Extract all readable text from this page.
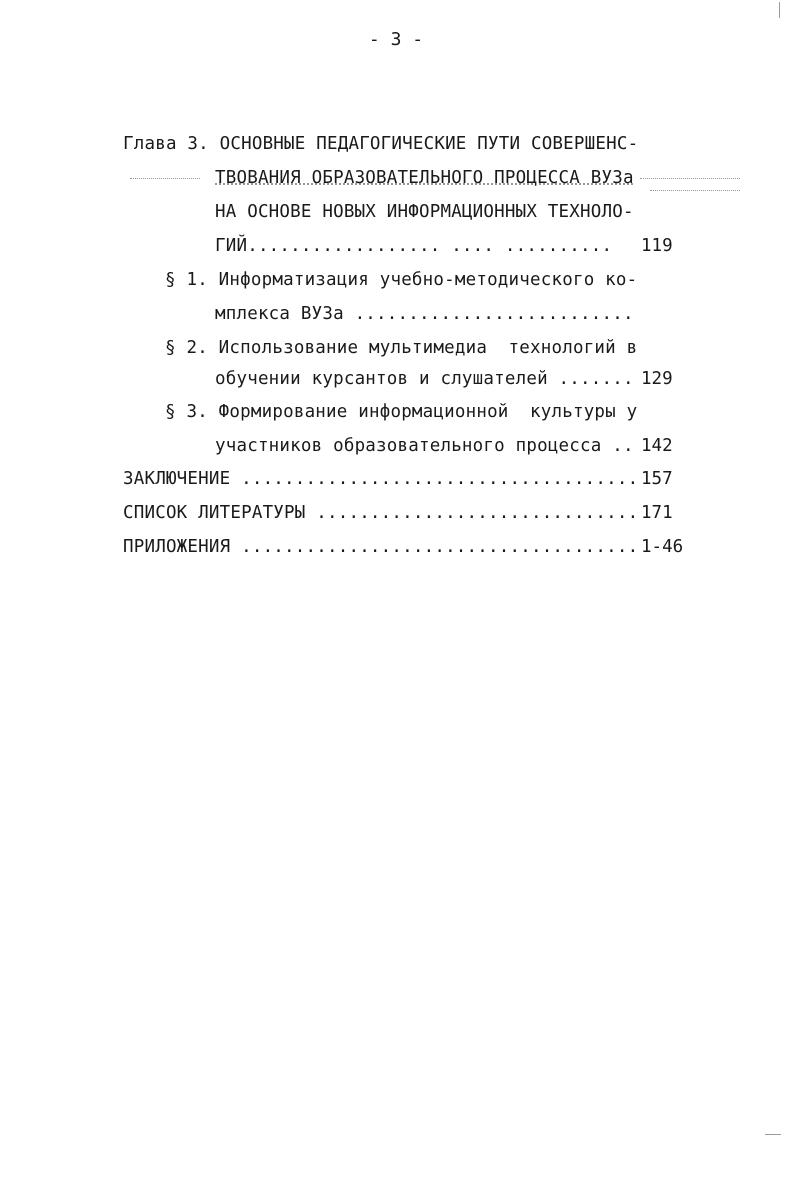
- 3 -
Глава 3. ОСНОВНЫЕ ПЕДАГОГИЧЕСКИЕ ПУТИ СОВЕРШЕНС-
ТВОВАНИЯ ОБРАЗОВАТЕЛЬНОГО ПРОЦЕССА ВУЗа
НА ОСНОВЕ НОВЫХ ИНФОРМАЦИОННЫХ ТЕХНОЛО-
ГИЙ.................. .... .......... 119
§ 1. Информатизация учебно-методического ко-
мплекса ВУЗа ..........................
§ 2. Использование мультимедиа  технологий в
обучении курсантов и слушателей ....... 129
§ 3. Формирование информационной  культуры у
участников образовательного процесса .. 142
ЗАКЛЮЧЕНИЕ ..................................... 157
СПИСОК ЛИТЕРАТУРЫ .............................. 171
ПРИЛОЖЕНИЯ ..................................... 1-46
